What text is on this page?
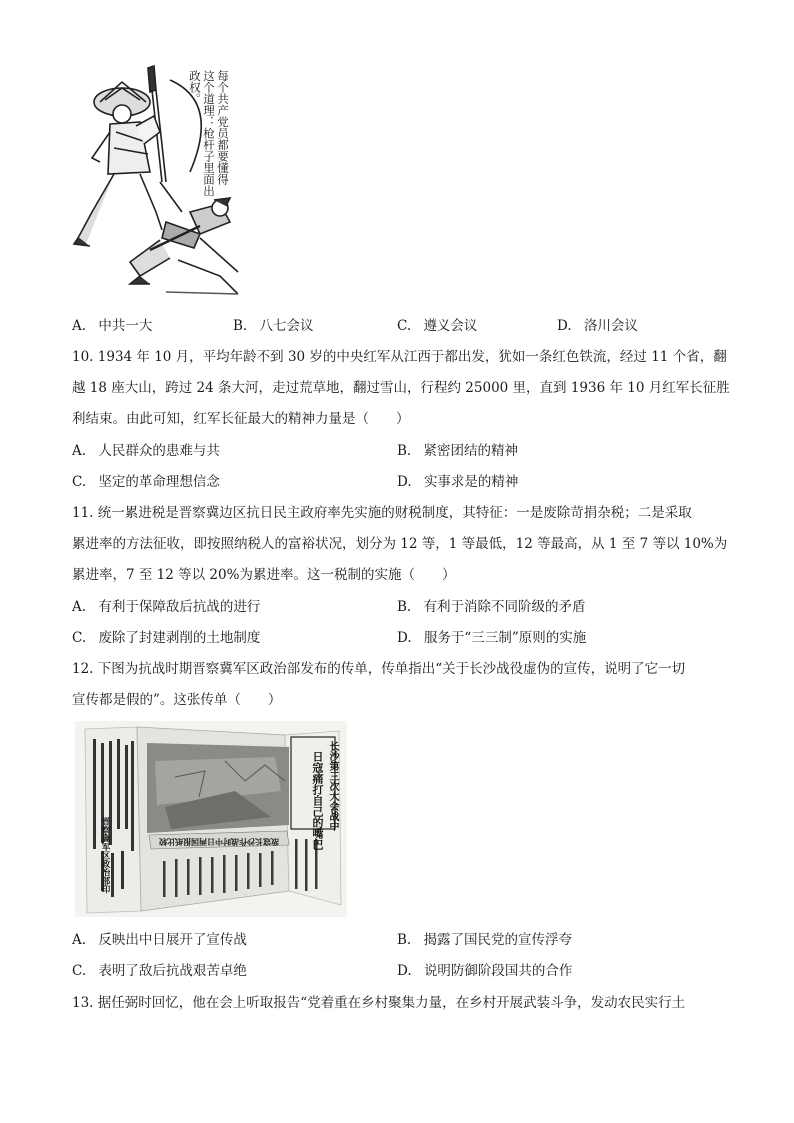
每个共产党员都要懂得
这个道理：枪杆子里面出
政权。
A. 中共一大	B. 八七会议	C. 遵义会议	D. 洛川会议
10. 1934 年 10 月，平均年龄不到 30 岁的中央红军从江西于都出发，犹如一条红色铁流，经过 11 个省，翻
越 18 座大山，跨过 24 条大河，走过荒草地，翻过雪山，行程约 25000 里，直到 1936 年 10 月红军长征胜
利结束。由此可知，红军长征最大的精神力量是（　　）
A. 人民群众的患难与共	B. 紧密团结的精神
C. 坚定的革命理想信念	D. 实事求是的精神
11. 统一累进税是晋察冀边区抗日民主政府率先实施的财税制度，其特征：一是废除苛捐杂税；二是采取
累进率的方法征收，即按照纳税人的富裕状况，划分为 12 等，1 等最低，12 等最高，从 1 至 7 等以 10%为
累进率，7 至 12 等以 20%为累进率。这一税制的实施（　　）
A. 有利于保障敌后抗战的进行	B. 有利于消除不同阶级的矛盾
C. 废除了封建剥削的土地制度	D. 服务于“三三制”原则的实施
12. 下图为抗战时期晋察冀军区政治部发布的传单，传单指出“关于长沙战役虚伪的宣传，说明了它一切
宣传都是假的”。这张传单（　　）
长沙第三次大会战中
日寇痛打自己的嘴巴
晋察冀军区政治部印	敌寇长沙作战时中日两国报纸比较
A. 反映出中日展开了宣传战	B. 揭露了国民党的宣传浮夸
C. 表明了敌后抗战艰苦卓绝	D. 说明防御阶段国共的合作
13. 据任弼时回忆，他在会上听取报告“党着重在乡村聚集力量，在乡村开展武装斗争，发动农民实行土
